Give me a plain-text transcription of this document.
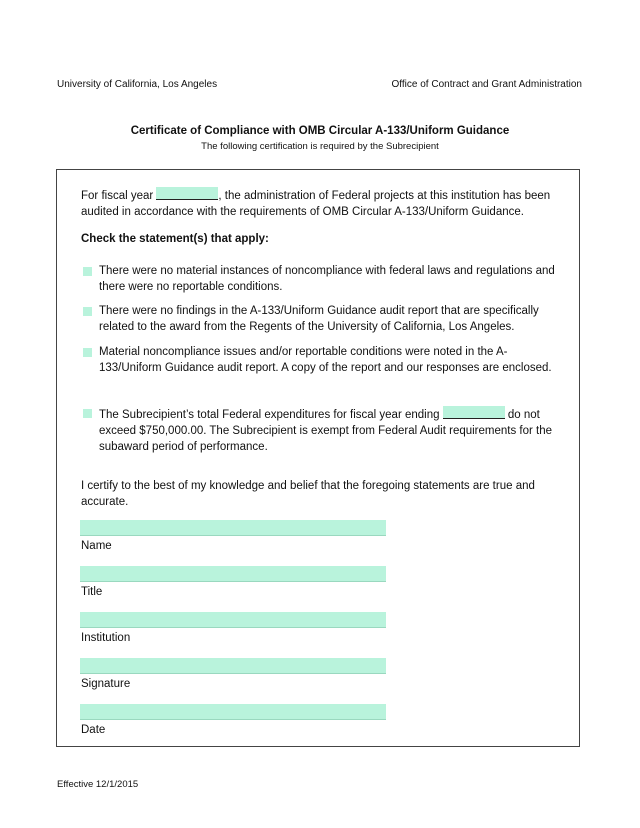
University of California, Los Angeles	Office of Contract and Grant Administration
Certificate of Compliance with OMB Circular A-133/Uniform Guidance
The following certification is required by the Subrecipient
For fiscal year	, the administration of Federal projects at this institution has been audited in accordance with the requirements of OMB Circular A-133/Uniform Guidance.
Check the statement(s) that apply:
There were no material instances of noncompliance with federal laws and regulations and there were no reportable conditions.
There were no findings in the A-133/Uniform Guidance audit report that are specifically related to the award from the Regents of the University of California, Los Angeles.
Material noncompliance issues and/or reportable conditions were noted in the A-133/Uniform Guidance audit report. A copy of the report and our responses are enclosed.
The Subrecipient’s total Federal expenditures for fiscal year ending	do not exceed $750,000.00. The Subrecipient is exempt from Federal Audit requirements for the subaward period of performance.
I certify to the best of my knowledge and belief that the foregoing statements are true and accurate.
Name
Title
Institution
Signature
Date
Effective 12/1/2015
